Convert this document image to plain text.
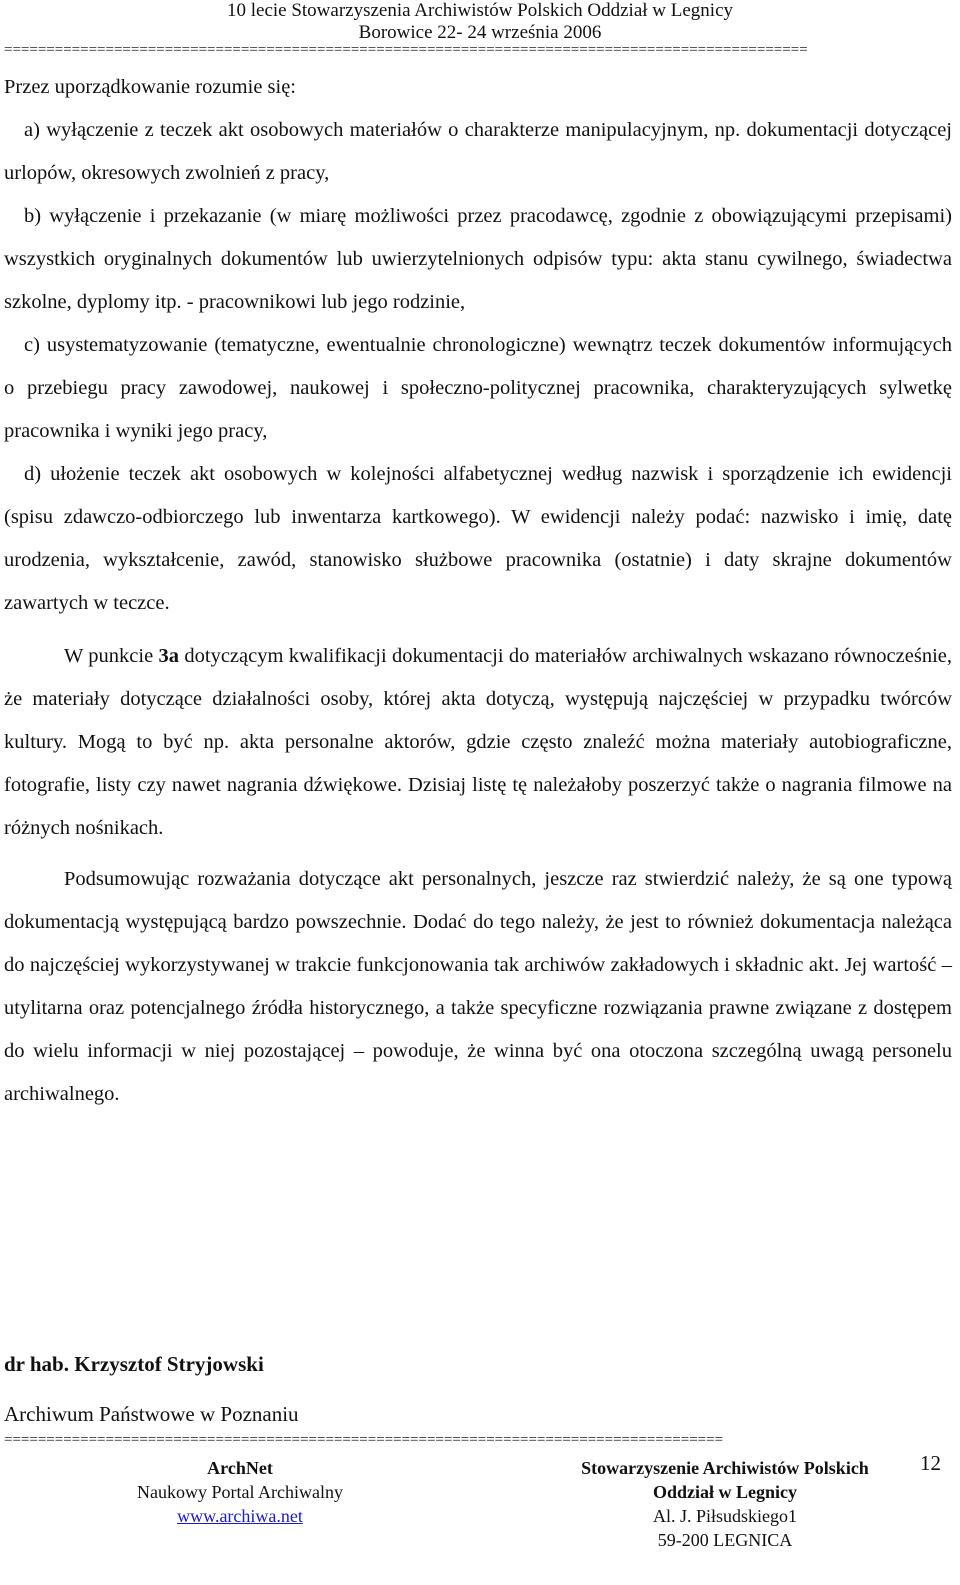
10 lecie Stowarzyszenia Archiwistów Polskich Oddział w Legnicy
Borowice 22- 24 września 2006
===============================================================================================

Przez uporządkowanie rozumie się:

a) wyłączenie z teczek akt osobowych materiałów o charakterze manipulacyjnym, np. dokumentacji dotyczącej urlopów, okresowych zwolnień z pracy,

b) wyłączenie i przekazanie (w miarę możliwości przez pracodawcę, zgodnie z obowiązującymi przepisami) wszystkich oryginalnych dokumentów lub uwierzytelnionych odpisów typu: akta stanu cywilnego, świadectwa szkolne, dyplomy itp. - pracownikowi lub jego rodzinie,

c) usystematyzowanie (tematyczne, ewentualnie chronologiczne) wewnątrz teczek dokumentów informujących o przebiegu pracy zawodowej, naukowej i społeczno-politycznej pracownika, charakteryzujących sylwetkę pracownika i wyniki jego pracy,

d) ułożenie teczek akt osobowych w kolejności alfabetycznej według nazwisk i sporządzenie ich ewidencji (spisu zdawczo-odbiorczego lub inwentarza kartkowego). W ewidencji należy podać: nazwisko i imię, datę urodzenia, wykształcenie, zawód, stanowisko służbowe pracownika (ostatnie) i daty skrajne dokumentów zawartych w teczce.

W punkcie 3a dotyczącym kwalifikacji dokumentacji do materiałów archiwalnych wskazano równocześnie, że materiały dotyczące działalności osoby, której akta dotyczą, występują najczęściej w przypadku twórców kultury. Mogą to być np. akta personalne aktorów, gdzie często znaleźć można materiały autobiograficzne, fotografie, listy czy nawet nagrania dźwiękowe. Dzisiaj listę tę należałoby poszerzyć także o nagrania filmowe na różnych nośnikach.

Podsumowując rozważania dotyczące akt personalnych, jeszcze raz stwierdzić należy, że są one typową dokumentacją występującą bardzo powszechnie. Dodać do tego należy, że jest to również dokumentacja należąca do najczęściej wykorzystywanej w trakcie funkcjonowania tak archiwów zakładowych i składnic akt. Jej wartość – utylitarna oraz potencjalnego źródła historycznego, a także specyficzne rozwiązania prawne związane z dostępem do wielu informacji w niej pozostającej – powoduje, że winna być ona otoczona szczególną uwagą personelu archiwalnego.

dr hab. Krzysztof Stryjowski
Archiwum Państwowe w Poznaniu
=====================================================================================
12
ArchNet
Naukowy Portal Archiwalny
www.archiwa.net
Stowarzyszenie Archiwistów Polskich
Oddział w Legnicy
Al. J. Piłsudskiego1
59-200 LEGNICA
